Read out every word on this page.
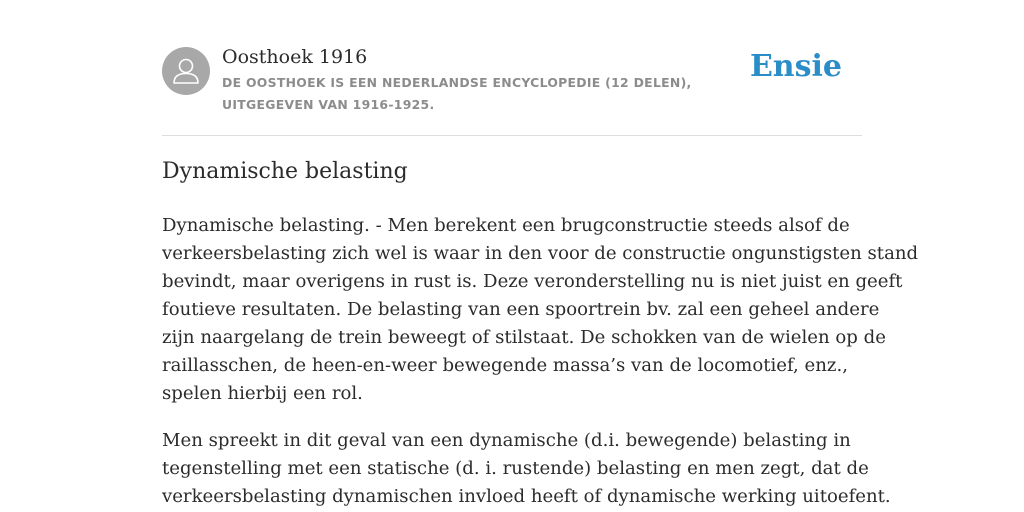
Oosthoek 1916
DE OOSTHOEK IS EEN NEDERLANDSE ENCYCLOPEDIE (12 DELEN), UITGEGEVEN VAN 1916-1925.
Ensie
Dynamische belasting

Dynamische belasting. - Men berekent een brugconstructie steeds alsof de
verkeersbelasting zich wel is waar in den voor de constructie ongunstigsten stand
bevindt, maar overigens in rust is. Deze veronderstelling nu is niet juist en geeft
foutieve resultaten. De belasting van een spoortrein bv. zal een geheel andere
zijn naargelang de trein beweegt of stilstaat. De schokken van de wielen op de
raillasschen, de heen-en-weer bewegende massa’s van de locomotief, enz.,
spelen hierbij een rol.

Men spreekt in dit geval van een dynamische (d.i. bewegende) belasting in
tegenstelling met een statische (d. i. rustende) belasting en men zegt, dat de
verkeersbelasting dynamischen invloed heeft of dynamische werking uitoefent.
